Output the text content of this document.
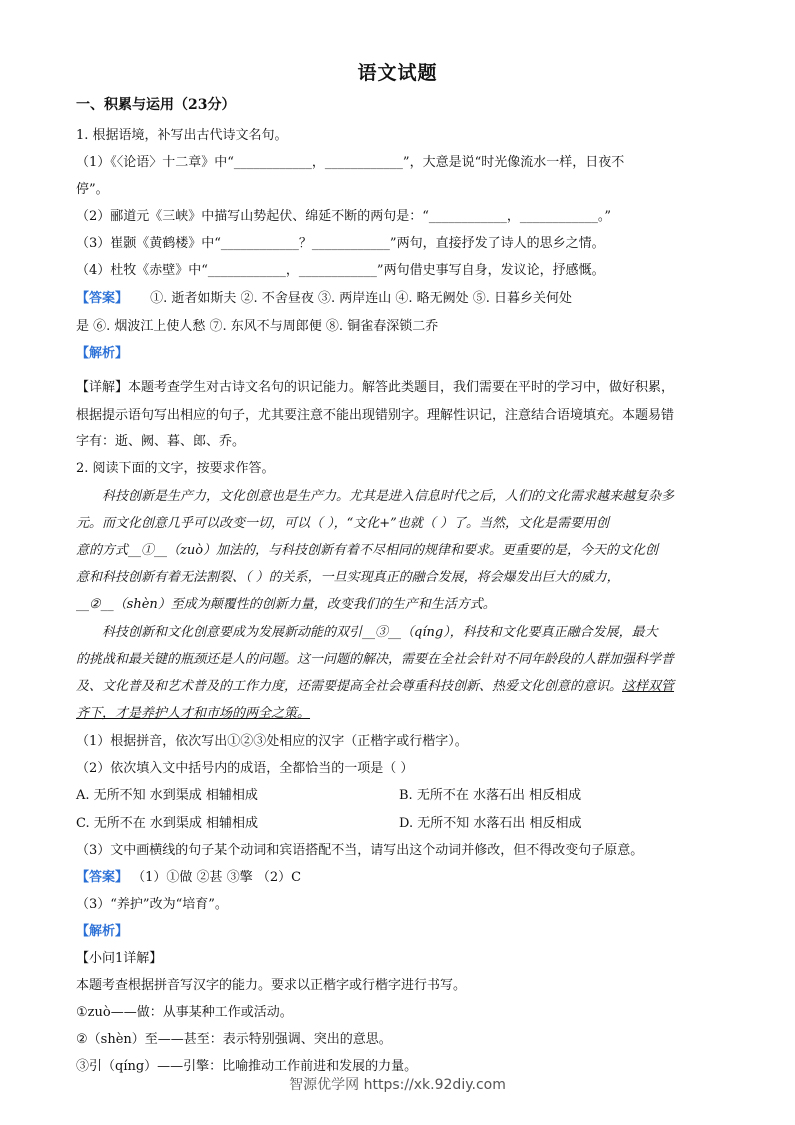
语文试题
一、积累与运用（23分）
1. 根据语境，补写出古代诗文名句。
（1）《〈论语〉十二章》中“____________，____________”，大意是说“时光像流水一样，日夜不
停”。
（2）郦道元《三峡》中描写山势起伏、绵延不断的两句是：“____________，____________。”
（3）崔颢《黄鹤楼》中“____________？____________”两句，直接抒发了诗人的思乡之情。
（4）杜牧《赤壁》中“____________，____________”两句借史事写自身，发议论，抒感慨。
【答案】 ①. 逝者如斯夫 ②. 不舍昼夜 ③. 两岸连山 ④. 略无阙处 ⑤. 日暮乡关何处
是 ⑥. 烟波江上使人愁 ⑦. 东风不与周郎便 ⑧. 铜雀春深锁二乔
【解析】
【详解】本题考查学生对古诗文名句的识记能力。解答此类题目，我们需要在平时的学习中，做好积累，
根据提示语句写出相应的句子，尤其要注意不能出现错别字。理解性识记，注意结合语境填充。本题易错
字有：逝、阙、暮、郎、乔。
2. 阅读下面的文字，按要求作答。
科技创新是生产力，文化创意也是生产力。尤其是进入信息时代之后，人们的文化需求越来越复杂多
元。而文化创意几乎可以改变一切，可以（ ），“文化+”也就（ ）了。当然，文化是需要用创
意的方式__①__（zuò）加法的，与科技创新有着不尽相同的规律和要求。更重要的是，今天的文化创
意和科技创新有着无法割裂、（ ）的关系，一旦实现真正的融合发展，将会爆发出巨大的威力，
__②__（shèn）至成为颠覆性的创新力量，改变我们的生产和生活方式。
科技创新和文化创意要成为发展新动能的双引__③__（qíng），科技和文化要真正融合发展，最大
的挑战和最关键的瓶颈还是人的问题。这一问题的解决，需要在全社会针对不同年龄段的人群加强科学普
及、文化普及和艺术普及的工作力度，还需要提高全社会尊重科技创新、热爱文化创意的意识。这样双管
齐下，才是养护人才和市场的两全之策。
（1）根据拼音，依次写出①②③处相应的汉字（正楷字或行楷字）。
（2）依次填入文中括号内的成语，全都恰当的一项是（ ）
A. 无所不知 水到渠成 相辅相成	B. 无所不在 水落石出 相反相成
C. 无所不在 水到渠成 相辅相成	D. 无所不知 水落石出 相反相成
（3）文中画横线的句子某个动词和宾语搭配不当，请写出这个动词并修改，但不得改变句子原意。
【答案】 （1）①做 ②甚 ③擎 （2）C
（3）“养护”改为“培育”。
【解析】
【小问1详解】
本题考查根据拼音写汉字的能力。要求以正楷字或行楷字进行书写。
①zuò——做：从事某种工作或活动。
②（shèn）至——甚至：表示特别强调、突出的意思。
③引（qíng）——引擎：比喻推动工作前进和发展的力量。
智源优学网 https://xk.92diy.com
